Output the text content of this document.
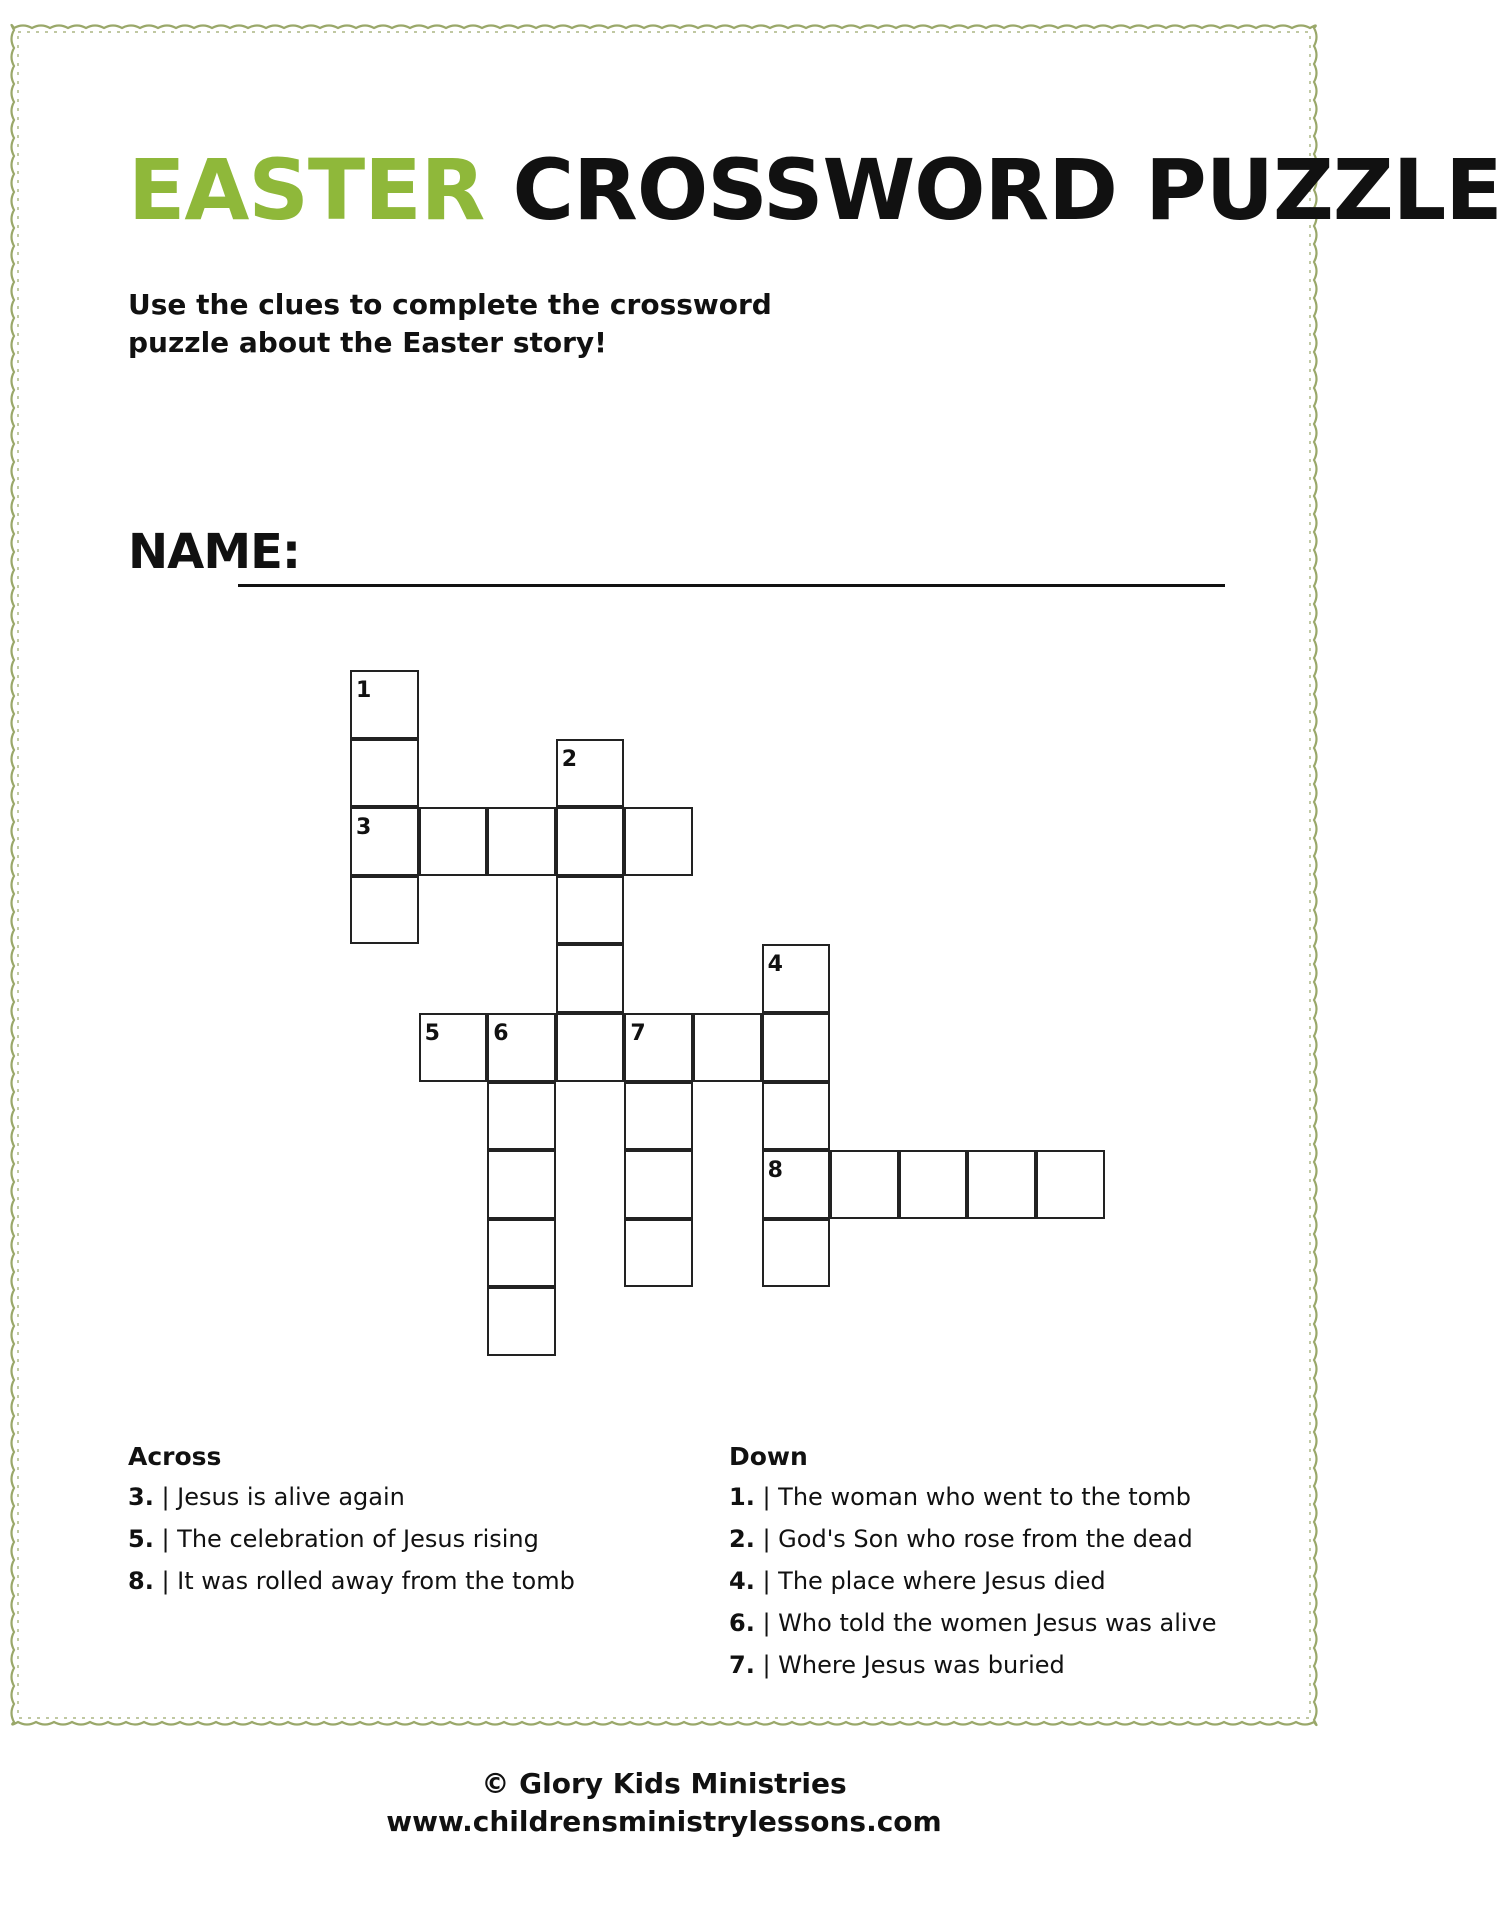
EASTER CROSSWORD PUZZLE

Use the clues to complete the crossword puzzle about the Easter story!

NAME:
1
2
3
4
5 6	7
8
Across
3. | Jesus is alive again
5. | The celebration of Jesus rising
8. | It was rolled away from the tomb
Down
1. | The woman who went to the tomb
2. | God's Son who rose from the dead
4. | The place where Jesus died
6. | Who told the women Jesus was alive
7. | Where Jesus was buried
© Glory Kids Ministries
www.childrensministrylessons.com
